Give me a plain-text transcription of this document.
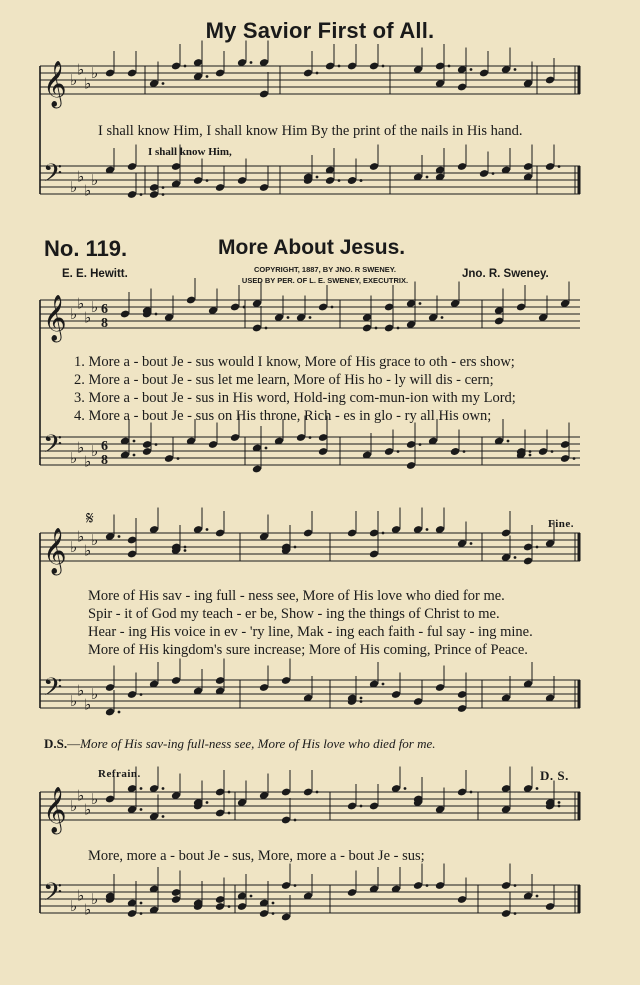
My Savior First of All.
I shall know Him, I shall know Him By the print of the nails in His hand.
I shall know Him,
No. 119.	More About Jesus.
E. E. Hewitt.	COPYRIGHT, 1887, BY JNO. R SWENEY.
USED BY PER. OF L. E. SWENEY, EXECUTRIX.
Jno. R. Sweney.
1. More a - bout Je - sus would I know, More of His grace to oth - ers show;
2. More a - bout Je - sus let me learn, More of His ho - ly will dis - cern;
3. More a - bout Je - sus in His word, Hold-ing com-mun-ion with my Lord;
4. More a - bout Je - sus on His throne, Rich - es in glo - ry all His own;
Fine.
More of His sav - ing full - ness see, More of His love who died for me.
Spir - it of God my teach - er be, Show - ing the things of Christ to me.
Hear - ing His voice in ev - 'ry line, Mak - ing each faith - ful say - ing mine.
More of His kingdom's sure increase; More of His coming, Prince of Peace.
D.S.—More of His sav-ing full-ness see, More of His love who died for me.
Refrain.	D. S.
More, more a - bout Je - sus, More, more a - bout Je - sus;
𝄞 ♭
♭
♭
♭
𝄢 ♭
♭
♭
♭
𝄞 ♭
♭
♭
♭ 6
8
𝄢 ♭
♭
♭
♭ 6
8
𝄞 ♭
♭
♭
♭
𝄢 ♭
♭
♭
♭
𝄞 ♭
♭
♭
♭
𝄢 ♭
♭
♭
♭
𝄋
